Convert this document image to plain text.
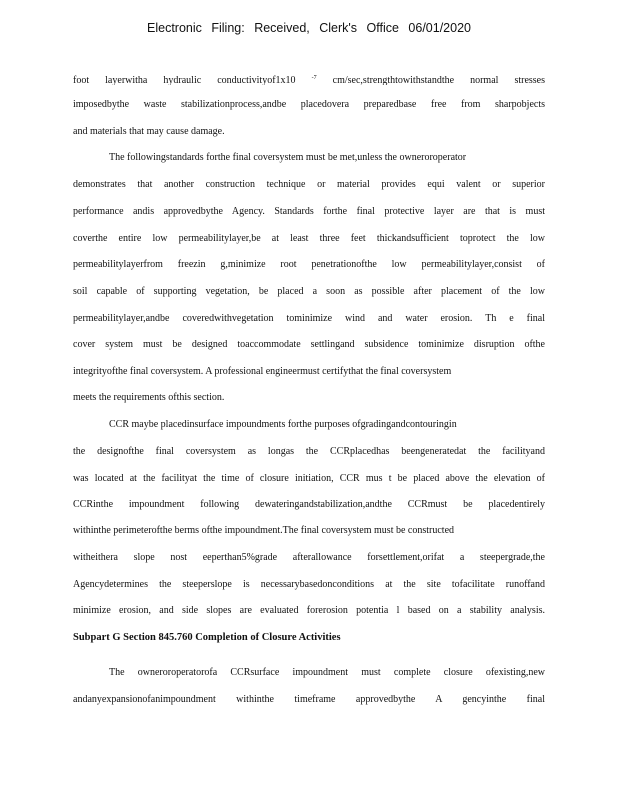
Electronic Filing: Received, Clerk's Office 06/01/2020
foot layerwitha hydraulic conductivityof1x10	$^{-7}$ cm/sec,strengthtowithstandthe normal stresses
imposedbythe waste stabilizationprocess,andbe placedovera preparedbase free from sharpobjects
and materials that may cause damage.
The followingstandards forthe final coversystem must be met,unless the owneroroperator
demonstrates that another construction technique or material provides equi valent or superior
performance andis approvedbythe Agency. Standards forthe final protective layer are that is must
coverthe entire low permeabilitylayer,be at least three feet thickandsufficient toprotect the low
permeabilitylayerfrom freezin g,minimize root penetrationofthe low permeabilitylayer,consist of
soil capable of supporting vegetation, be placed a soon as possible after placement of the low
permeabilitylayer,andbe coveredwithvegetation tominimize wind and water erosion. Th e final
cover system must be designed toaccommodate settlingand subsidence tominimize disruption ofthe
integrityofthe final coversystem. A professional engineermust certifythat the final coversystem
meets the requirements ofthis section.
CCR maybe placedinsurface impoundments forthe purposes ofgradingandcontouringin
the designofthe final coversystem as longas the CCRplacedhas beengeneratedat the facilityand
was located at the facilityat the time of closure initiation, CCR mus t be placed above the elevation of
CCRinthe impoundment following dewateringandstabilization,andthe CCRmust be placedentirely
withinthe perimeterofthe berms ofthe impoundment.The final coversystem must be constructed
witheithera slope nost eeperthan5%grade afterallowance forsettlement,orifat a steepergrade,the
Agencydetermines the steeperslope is necessarybasedonconditions at the site tofacilitate runoffand
minimize erosion, and side slopes are evaluated forerosion potentia l based on a stability analysis.
Subpart G Section 845.760 Completion of Closure Activities
The owneroroperatorofa CCRsurface impoundment must complete closure ofexisting,new
andanyexpansionofanimpoundment withinthe timeframe approvedbythe A gencyinthe final
